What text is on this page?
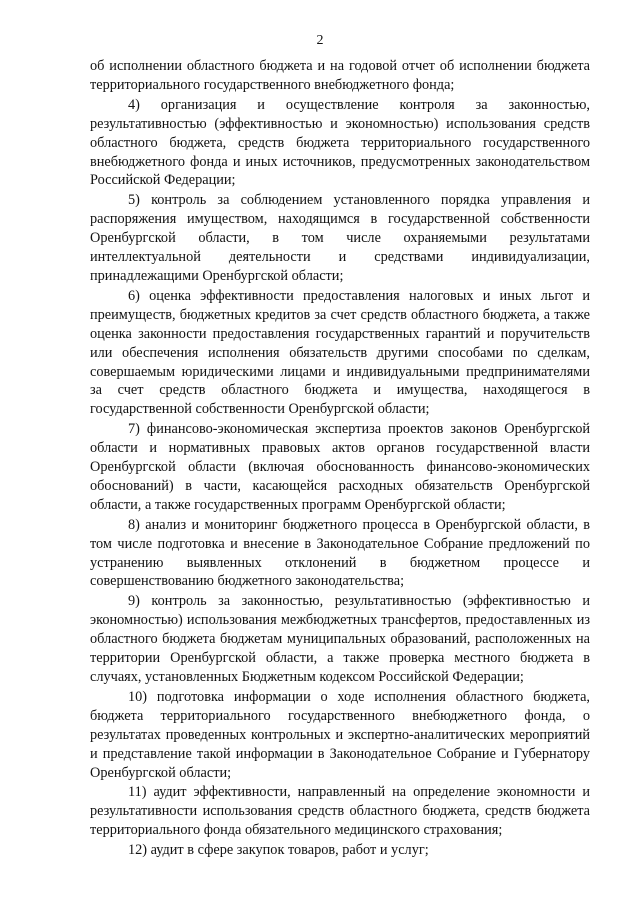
2

об исполнении областного бюджета и на годовой отчет об исполнении бюджета территориального государственного внебюджетного фонда;

4) организация и осуществление контроля за законностью, результативностью (эффективностью и экономностью) использования средств областного бюджета, средств бюджета территориального государственного внебюджетного фонда и иных источников, предусмотренных законодательством Российской Федерации;

5) контроль за соблюдением установленного порядка управления и распоряжения имуществом, находящимся в государственной собственности Оренбургской области, в том числе охраняемыми результатами интеллектуальной деятельности и средствами индивидуализации, принадлежащими Оренбургской области;

6) оценка эффективности предоставления налоговых и иных льгот и преимуществ, бюджетных кредитов за счет средств областного бюджета, а также оценка законности предоставления государственных гарантий и поручительств или обеспечения исполнения обязательств другими способами по сделкам, совершаемым юридическими лицами и индивидуальными предпринимателями за счет средств областного бюджета и имущества, находящегося в государственной собственности Оренбургской области;

7) финансово-экономическая экспертиза проектов законов Оренбургской области и нормативных правовых актов органов государственной власти Оренбургской области (включая обоснованность финансово-экономических обоснований) в части, касающейся расходных обязательств Оренбургской области, а также государственных программ Оренбургской области;

8) анализ и мониторинг бюджетного процесса в Оренбургской области, в том числе подготовка и внесение в Законодательное Собрание предложений по устранению выявленных отклонений в бюджетном процессе и совершенствованию бюджетного законодательства;

9) контроль за законностью, результативностью (эффективностью и экономностью) использования межбюджетных трансфертов, предоставленных из областного бюджета бюджетам муниципальных образований, расположенных на территории Оренбургской области, а также проверка местного бюджета в случаях, установленных Бюджетным кодексом Российской Федерации;

10) подготовка информации о ходе исполнения областного бюджета, бюджета территориального государственного внебюджетного фонда, о результатах проведенных контрольных и экспертно-аналитических мероприятий и представление такой информации в Законодательное Собрание и Губернатору Оренбургской области;

11) аудит эффективности, направленный на определение экономности и результативности использования средств областного бюджета, средств бюджета территориального фонда обязательного медицинского страхования;

12) аудит в сфере закупок товаров, работ и услуг;
